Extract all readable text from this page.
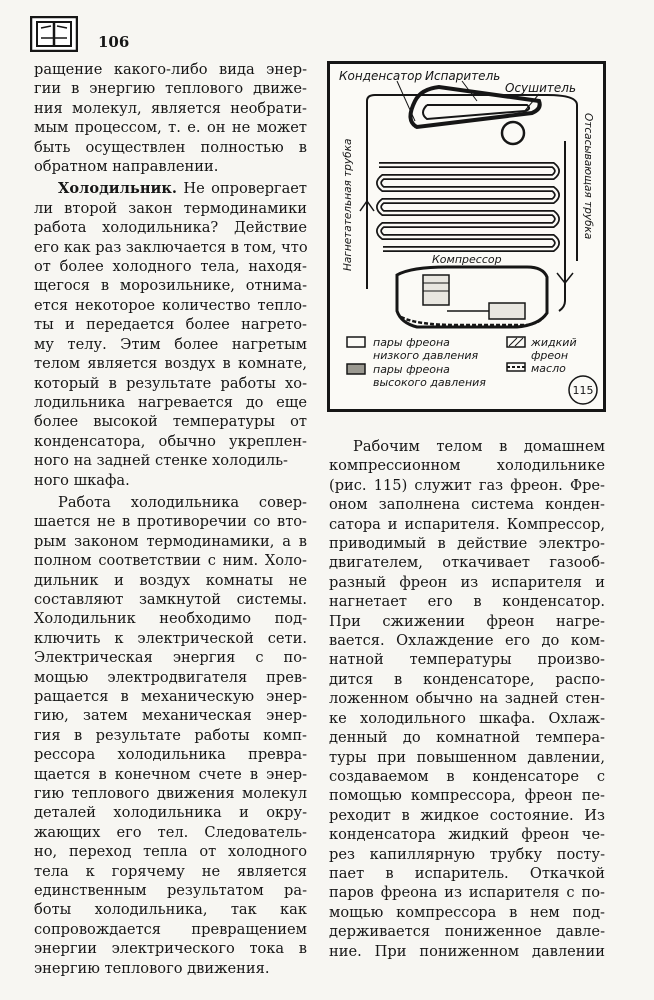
106

ращение какого-либо вида энер-
гии в энергию теплового движе-
ния молекул, является необрати-
мым процессом, т. е. он не может
быть осуществлен полностью в
обратном направлении.

Холодильник. Не опровергает
ли второй закон термодинамики
работа холодильника? Действие
его как раз заключается в том, что
от более холодного тела, находя-
щегося в морозильнике, отнима-
ется некоторое количество тепло-
ты и передается более нагрето-
му телу. Этим более нагретым
телом является воздух в комнате,
который в результате работы хо-
лодильника нагревается до еще
более высокой температуры от
конденсатора, обычно укреплен-
ного на задней стенке холодиль-
ного шкафа.

Работа холодильника совер-
шается не в противоречии со вто-
рым законом термодинамики, а в
полном соответствии с ним. Холо-
дильник и воздух комнаты не
составляют замкнутой системы.
Холодильник необходимо под-
ключить к электрической сети.
Электрическая энергия с по-
мощью электродвигателя прев-
ращается в механическую энер-
гию, затем механическая энер-
гия в результате работы комп-
рессора холодильника превра-
щается в конечном счете в энер-
гию теплового движения молекул
деталей холодильника и окру-
жающих его тел. Следователь-
но, переход тепла от холодного
тела к горячему не является
единственным результатом ра-
боты холодильника, так как
сопровождается превращением
энергии электрического тока в
энергию теплового движения.

Конденсатор Испаритель
Осушитель
Нагнетательная трубка	Отсасывающая трубка
Компрессор
пары фреона
низкого давления
пары фреона
высокого давления
жидкий
фреон
масло
115

Рабочим телом в домашнем
компрессионном холодильнике
(рис. 115) служит газ фреон. Фре-
оном заполнена система конден-
сатора и испарителя. Компрессор,
приводимый в действие электро-
двигателем, откачивает газооб-
разный фреон из испарителя и
нагнетает его в конденсатор.
При сжижении фреон нагре-
вается. Охлаждение его до ком-
натной температуры произво-
дится в конденсаторе, распо-
ложенном обычно на задней стен-
ке холодильного шкафа. Охлаж-
денный до комнатной темпера-
туры при повышенном давлении,
создаваемом в конденсаторе с
помощью компрессора, фреон пе-
реходит в жидкое состояние. Из
конденсатора жидкий фреон че-
рез капиллярную трубку посту-
пает в испаритель. Откачкой
паров фреона из испарителя с по-
мощью компрессора в нем под-
держивается пониженное давле-
ние. При пониженном давлении
